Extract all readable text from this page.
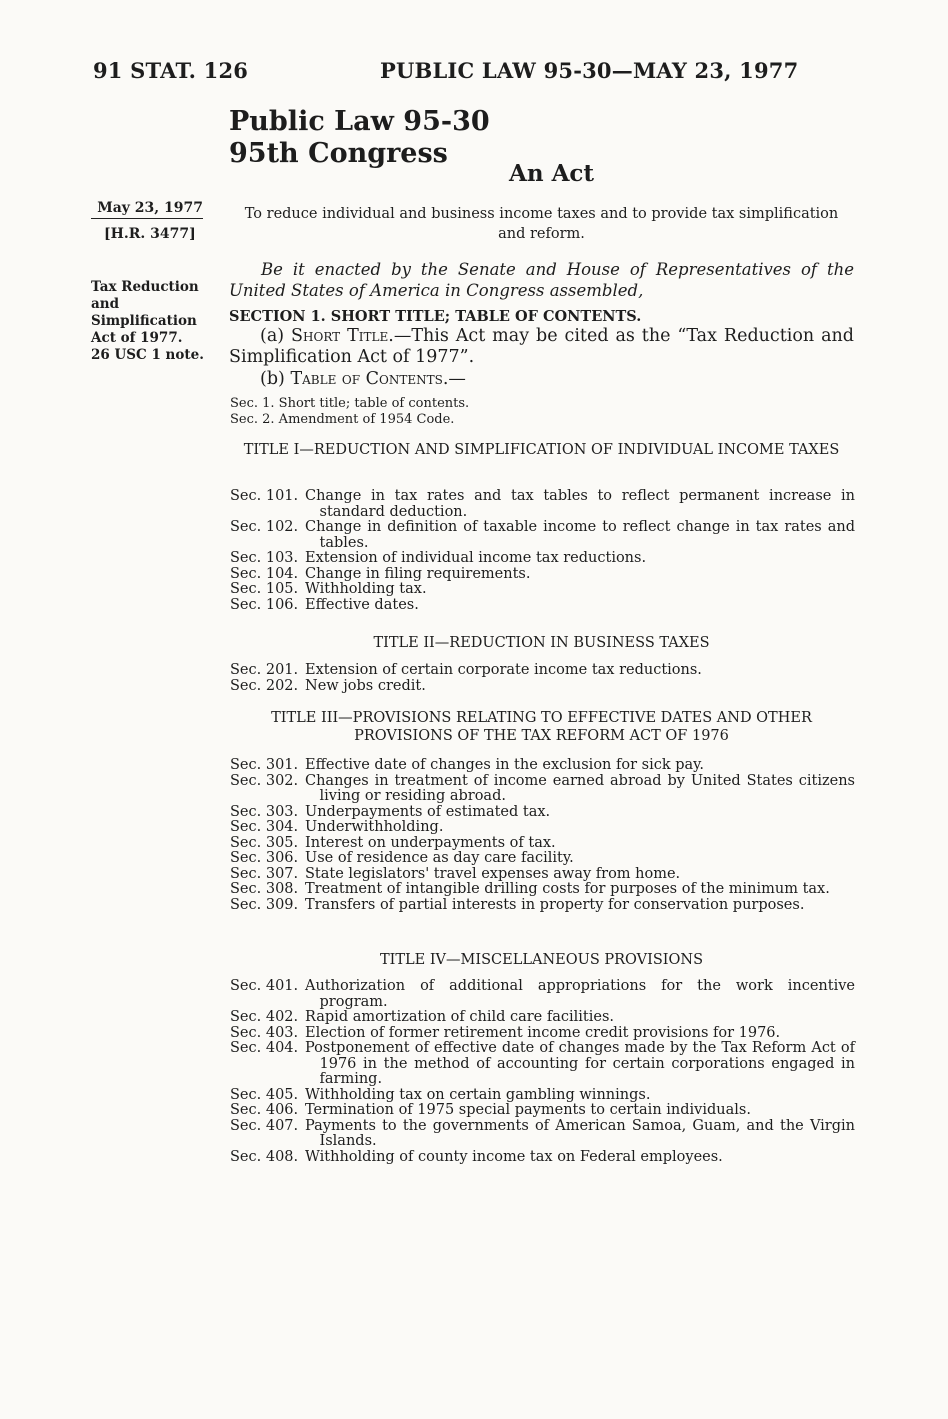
91 STAT. 126	PUBLIC LAW 95-30—MAY 23, 1977
Public Law 95-30
95th Congress
An Act
May 23, 1977
[H.R. 3477]
Tax Reduction
and
Simplification
Act of 1977.
26 USC 1 note.
To reduce individual and business income taxes and to provide tax simplification and reform.
Be it enacted by the Senate and House of Representatives of the United States of America in Congress assembled,
SECTION 1. SHORT TITLE; TABLE OF CONTENTS.
(a) Short Title.—This Act may be cited as the “Tax Reduction and Simplification Act of 1977”.
(b) Table of Contents.—
Sec. 1. Short title; table of contents.
Sec. 2. Amendment of 1954 Code.
TITLE I—REDUCTION AND SIMPLIFICATION OF INDIVIDUAL INCOME TAXES
Sec. 101. Change in tax rates and tax tables to reflect permanent increase in standard deduction.
Sec. 102. Change in definition of taxable income to reflect change in tax rates and tables.
Sec. 103. Extension of individual income tax reductions.
Sec. 104. Change in filing requirements.
Sec. 105. Withholding tax.
Sec. 106. Effective dates.
TITLE II—REDUCTION IN BUSINESS TAXES
Sec. 201. Extension of certain corporate income tax reductions.
Sec. 202. New jobs credit.
TITLE III—PROVISIONS RELATING TO EFFECTIVE DATES AND OTHER PROVISIONS OF THE TAX REFORM ACT OF 1976
Sec. 301. Effective date of changes in the exclusion for sick pay.
Sec. 302. Changes in treatment of income earned abroad by United States citizens living or residing abroad.
Sec. 303. Underpayments of estimated tax.
Sec. 304. Underwithholding.
Sec. 305. Interest on underpayments of tax.
Sec. 306. Use of residence as day care facility.
Sec. 307. State legislators' travel expenses away from home.
Sec. 308. Treatment of intangible drilling costs for purposes of the minimum tax.
Sec. 309. Transfers of partial interests in property for conservation purposes.
TITLE IV—MISCELLANEOUS PROVISIONS
Sec. 401. Authorization of additional appropriations for the work incentive program.
Sec. 402. Rapid amortization of child care facilities.
Sec. 403. Election of former retirement income credit provisions for 1976.
Sec. 404. Postponement of effective date of changes made by the Tax Reform Act of 1976 in the method of accounting for certain corporations engaged in farming.
Sec. 405. Withholding tax on certain gambling winnings.
Sec. 406. Termination of 1975 special payments to certain individuals.
Sec. 407. Payments to the governments of American Samoa, Guam, and the Virgin Islands.
Sec. 408. Withholding of county income tax on Federal employees.
